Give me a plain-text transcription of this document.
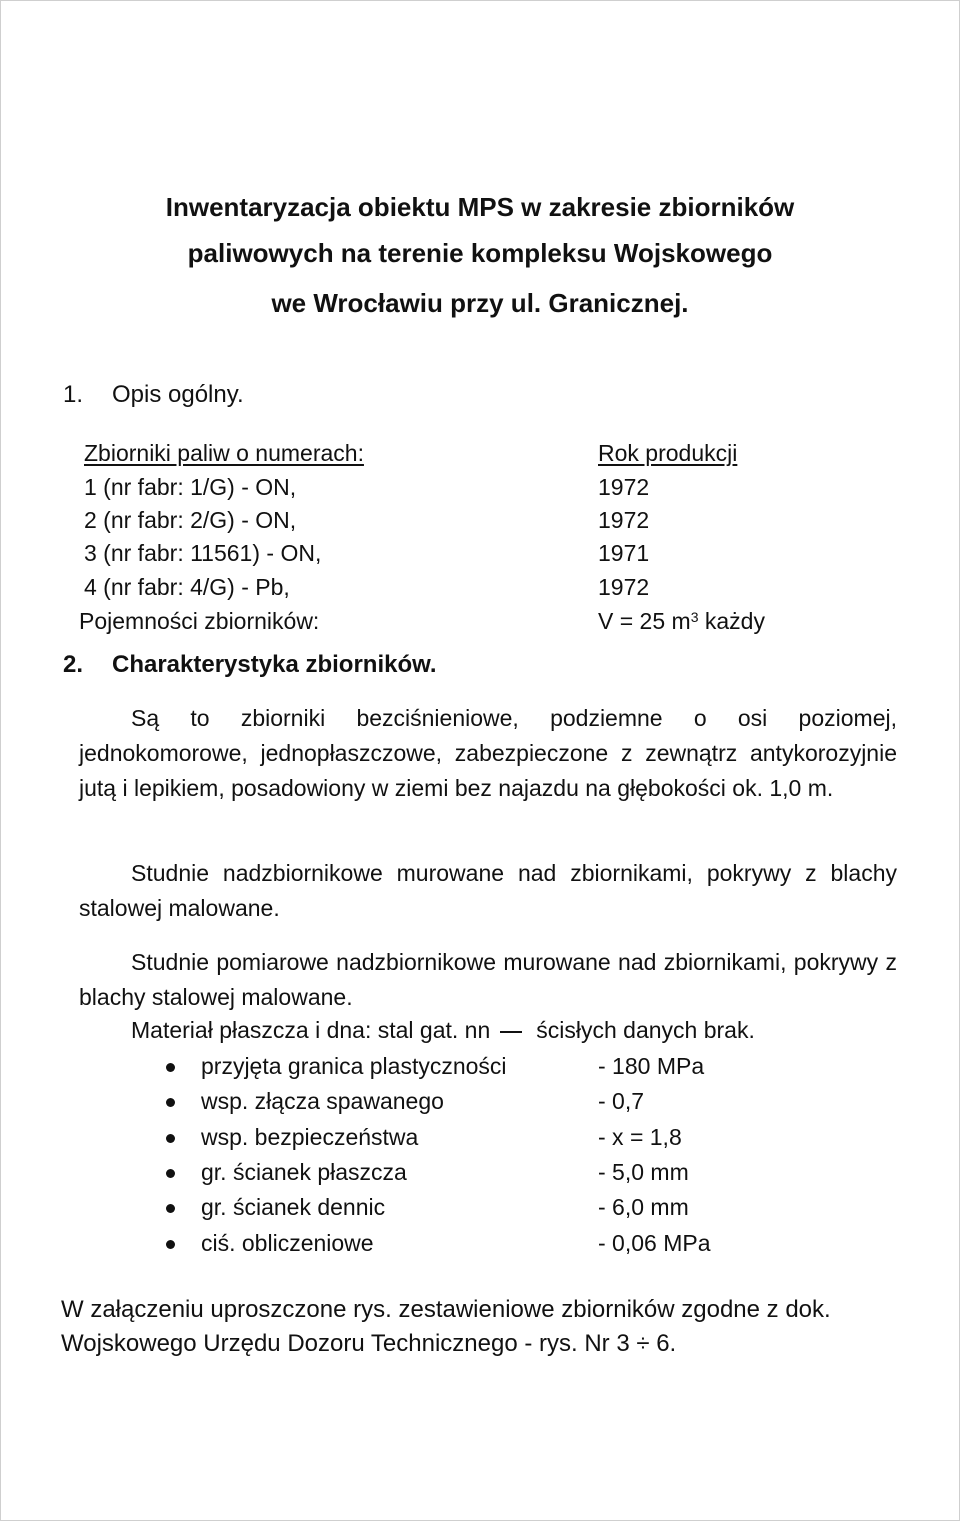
Inwentaryzacja obiektu MPS w zakresie zbiorników
paliwowych na terenie kompleksu Wojskowego
we Wrocławiu przy ul. Granicznej.
1. Opis ogólny.
Zbiorniki paliw o numerach:	Rok produkcji
1 (nr fabr: 1/G) - ON,	1972
2 (nr fabr: 2/G) - ON,	1972
3 (nr fabr: 11561) - ON,	1971
4 (nr fabr: 4/G) - Pb,	1972
Pojemności zbiorników:	V = 25 $m^3$ każdy
2. Charakterystyka zbiorników.
Są to zbiorniki bezciśnieniowe, podziemne o osi poziomej, jednokomorowe, jednopłaszczowe, zabezpieczone z zewnątrz antykorozyjnie jutą i lepikiem, posadowiony w ziemi bez najazdu na głębokości ok. 1,0 m.
Studnie nadzbiornikowe murowane nad zbiornikami, pokrywy z blachy stalowej malowane.
Studnie pomiarowe nadzbiornikowe murowane nad zbiornikami, pokrywy z blachy stalowej malowane.
Materiał płaszcza i dna: stal gat. nn ścisłych danych brak.
przyjęta granica plastyczności	- 180 MPa
wsp. złącza spawanego	- 0,7
wsp. bezpieczeństwa	- x = 1,8
gr. ścianek płaszcza	- 5,0 mm
gr. ścianek dennic	- 6,0 mm
ciś. obliczeniowe	- 0,06 MPa
W załączeniu uproszczone rys. zestawieniowe zbiorników zgodne z dok.
Wojskowego Urzędu Dozoru Technicznego - rys. Nr 3 ÷ 6.
